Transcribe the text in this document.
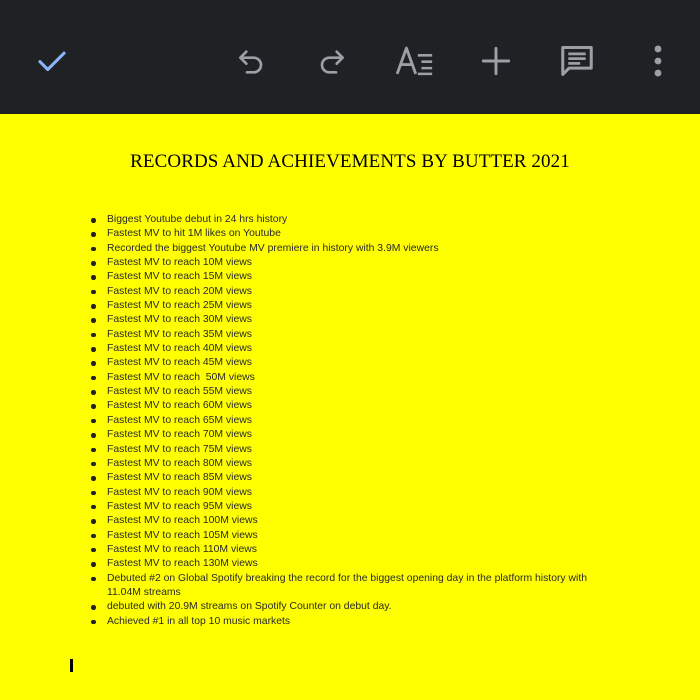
RECORDS AND ACHIEVEMENTS BY BUTTER 2021
Biggest Youtube debut in 24 hrs history
Fastest MV to hit 1M likes on Youtube
Recorded the biggest Youtube MV premiere in history with 3.9M viewers
Fastest MV to reach 10M views
Fastest MV to reach 15M views
Fastest MV to reach 20M views
Fastest MV to reach 25M views
Fastest MV to reach 30M views
Fastest MV to reach 35M views
Fastest MV to reach 40M views
Fastest MV to reach 45M views
Fastest MV to reach  50M views
Fastest MV to reach 55M views
Fastest MV to reach 60M views
Fastest MV to reach 65M views
Fastest MV to reach 70M views
Fastest MV to reach 75M views
Fastest MV to reach 80M views
Fastest MV to reach 85M views
Fastest MV to reach 90M views
Fastest MV to reach 95M views
Fastest MV to reach 100M views
Fastest MV to reach 105M views
Fastest MV to reach 110M views
Fastest MV to reach 130M views
Debuted #2 on Global Spotify breaking the record for the biggest opening day in the platform history with 11.04M streams
debuted with 20.9M streams on Spotify Counter on debut day.
Achieved #1 in all top 10 music markets
